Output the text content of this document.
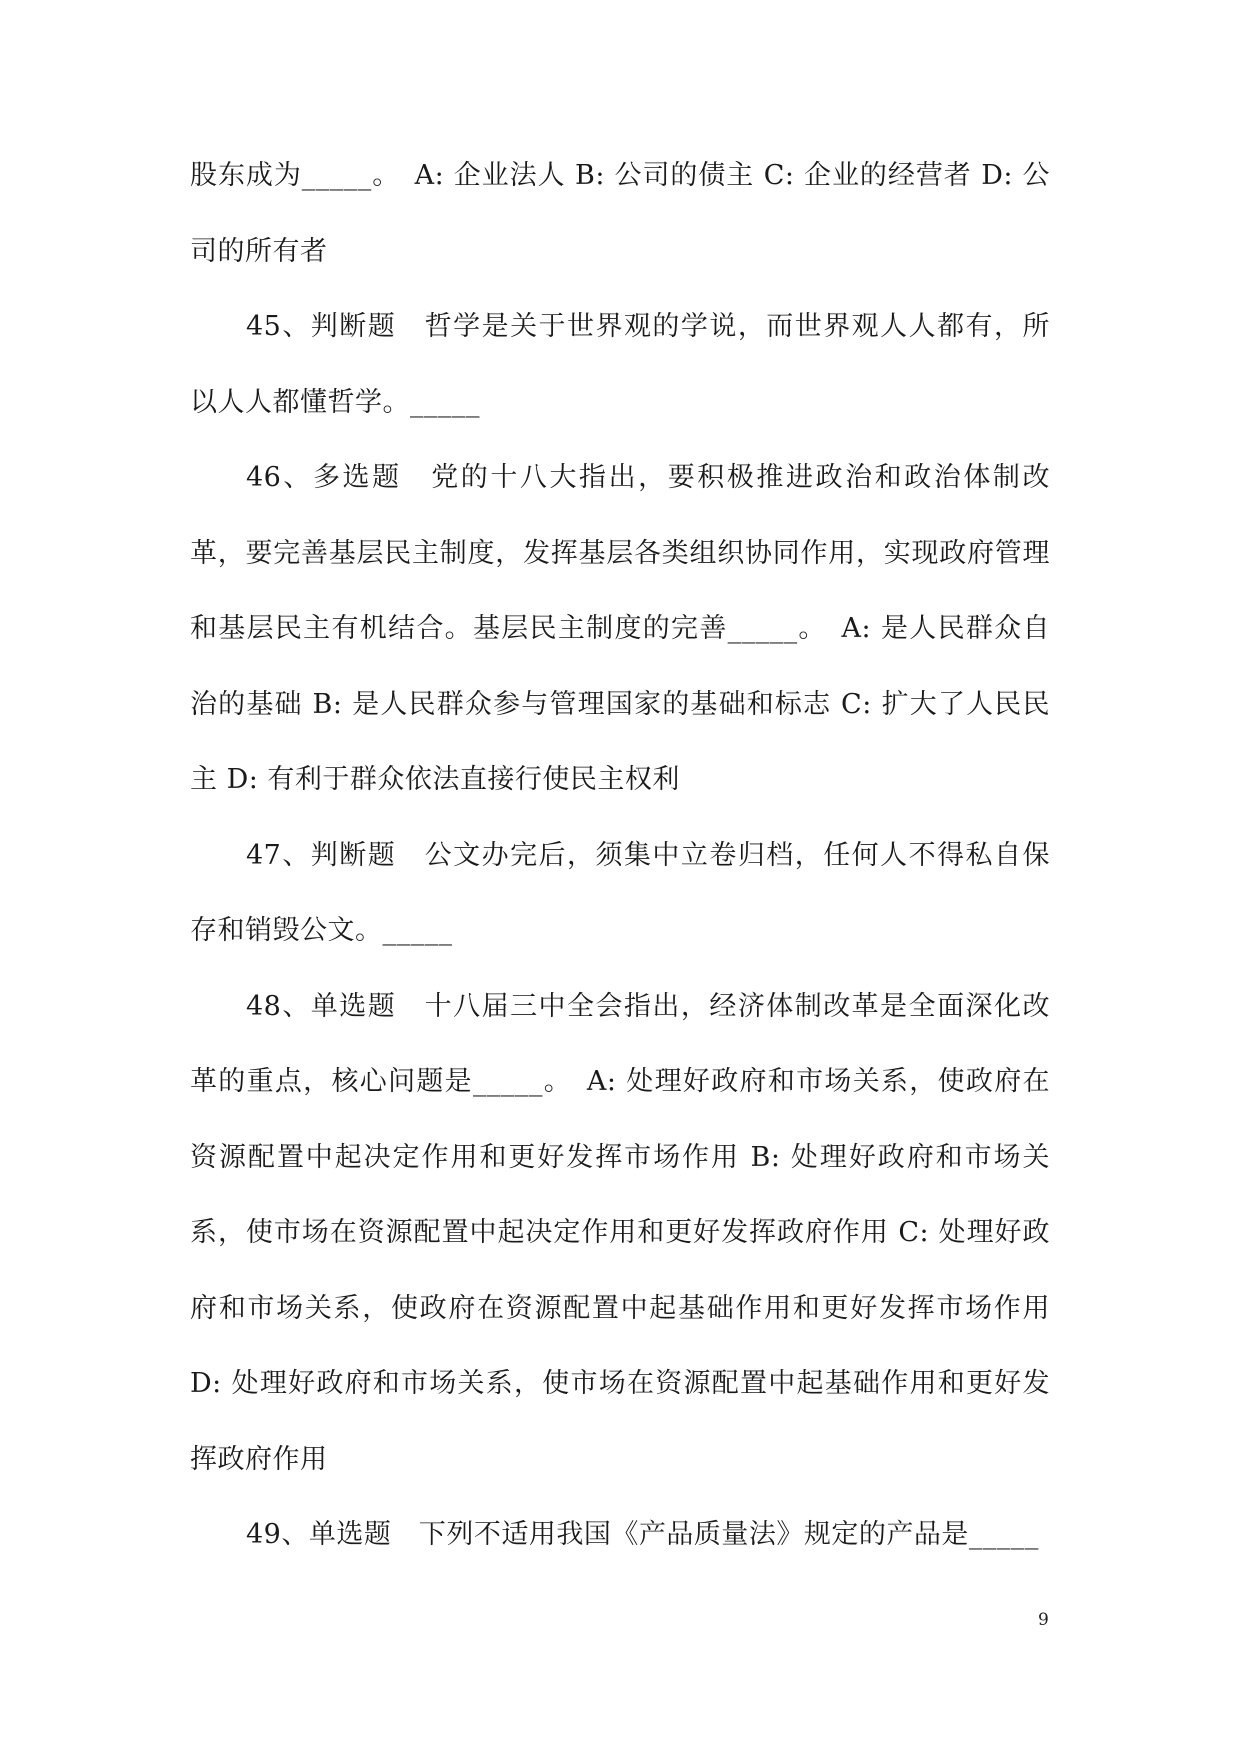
股东成为_____。　A: 企业法人 B: 公司的债主 C: 企业的经营者 D: 公司的所有者

45、判断题　哲学是关于世界观的学说，而世界观人人都有，所以人人都懂哲学。_____

46、多选题　党的十八大指出，要积极推进政治和政治体制改革，要完善基层民主制度，发挥基层各类组织协同作用，实现政府管理和基层民主有机结合。基层民主制度的完善_____。　A: 是人民群众自治的基础 B: 是人民群众参与管理国家的基础和标志 C: 扩大了人民民主 D: 有利于群众依法直接行使民主权利

47、判断题　公文办完后，须集中立卷归档，任何人不得私自保存和销毁公文。_____

48、单选题　十八届三中全会指出，经济体制改革是全面深化改革的重点，核心问题是_____。　A: 处理好政府和市场关系，使政府在资源配置中起决定作用和更好发挥市场作用 B: 处理好政府和市场关系，使市场在资源配置中起决定作用和更好发挥政府作用 C: 处理好政府和市场关系，使政府在资源配置中起基础作用和更好发挥市场作用 D: 处理好政府和市场关系，使市场在资源配置中起基础作用和更好发挥政府作用

49、单选题　下列不适用我国《产品质量法》规定的产品是_____

9
